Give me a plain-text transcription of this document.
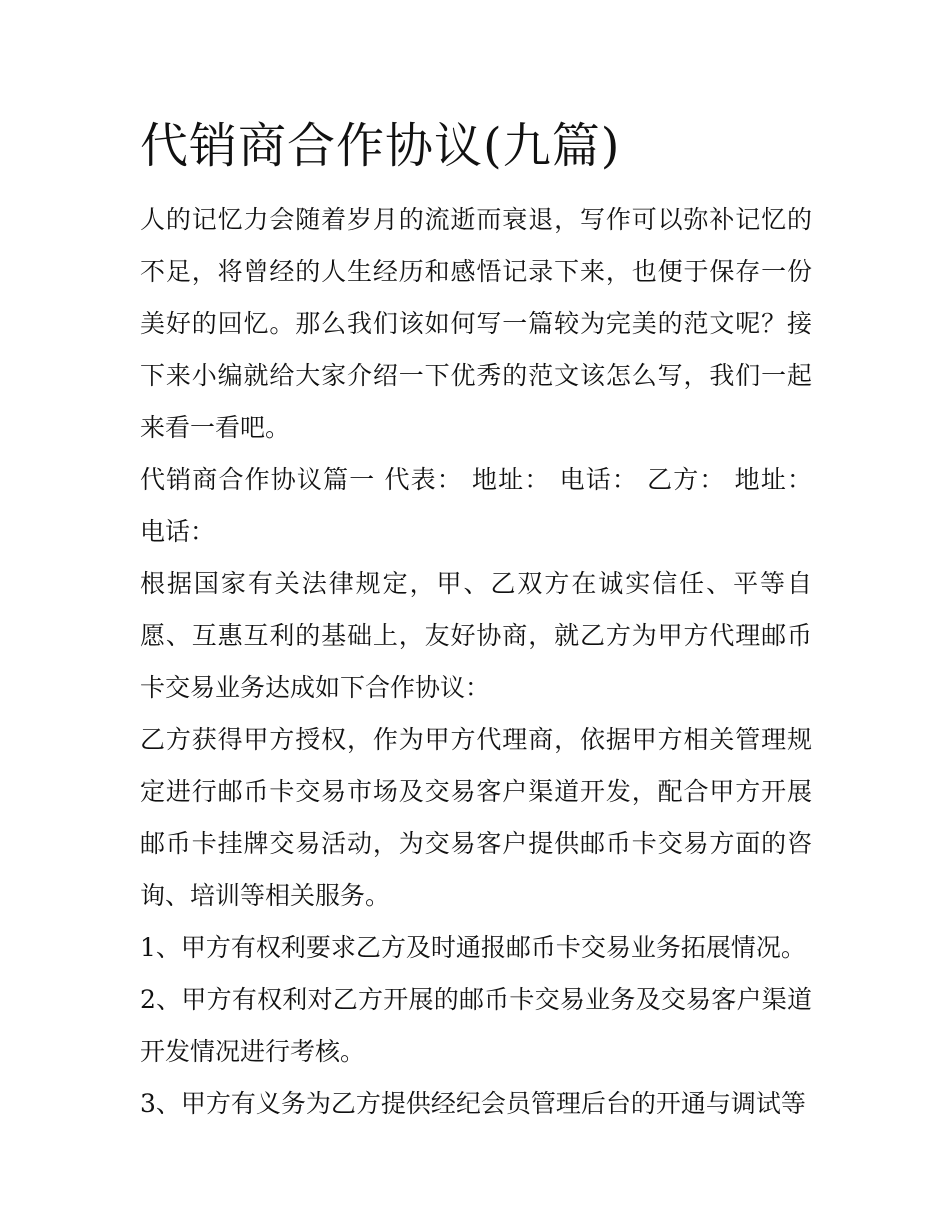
代销商合作协议(九篇)

人的记忆力会随着岁月的流逝而衰退，写作可以弥补记忆的不足，将曾经的人生经历和感悟记录下来，也便于保存一份美好的回忆。那么我们该如何写一篇较为完美的范文呢？接下来小编就给大家介绍一下优秀的范文该怎么写，我们一起来看一看吧。

代销商合作协议篇一 代表： 地址： 电话： 乙方： 地址： 电话：

根据国家有关法律规定，甲、乙双方在诚实信任、平等自愿、互惠互利的基础上，友好协商，就乙方为甲方代理邮币卡交易业务达成如下合作协议：

乙方获得甲方授权，作为甲方代理商，依据甲方相关管理规定进行邮币卡交易市场及交易客户渠道开发，配合甲方开展邮币卡挂牌交易活动，为交易客户提供邮币卡交易方面的咨询、培训等相关服务。

1、甲方有权利要求乙方及时通报邮币卡交易业务拓展情况。

2、甲方有权利对乙方开展的邮币卡交易业务及交易客户渠道开发情况进行考核。

3、甲方有义务为乙方提供经纪会员管理后台的开通与调试等
